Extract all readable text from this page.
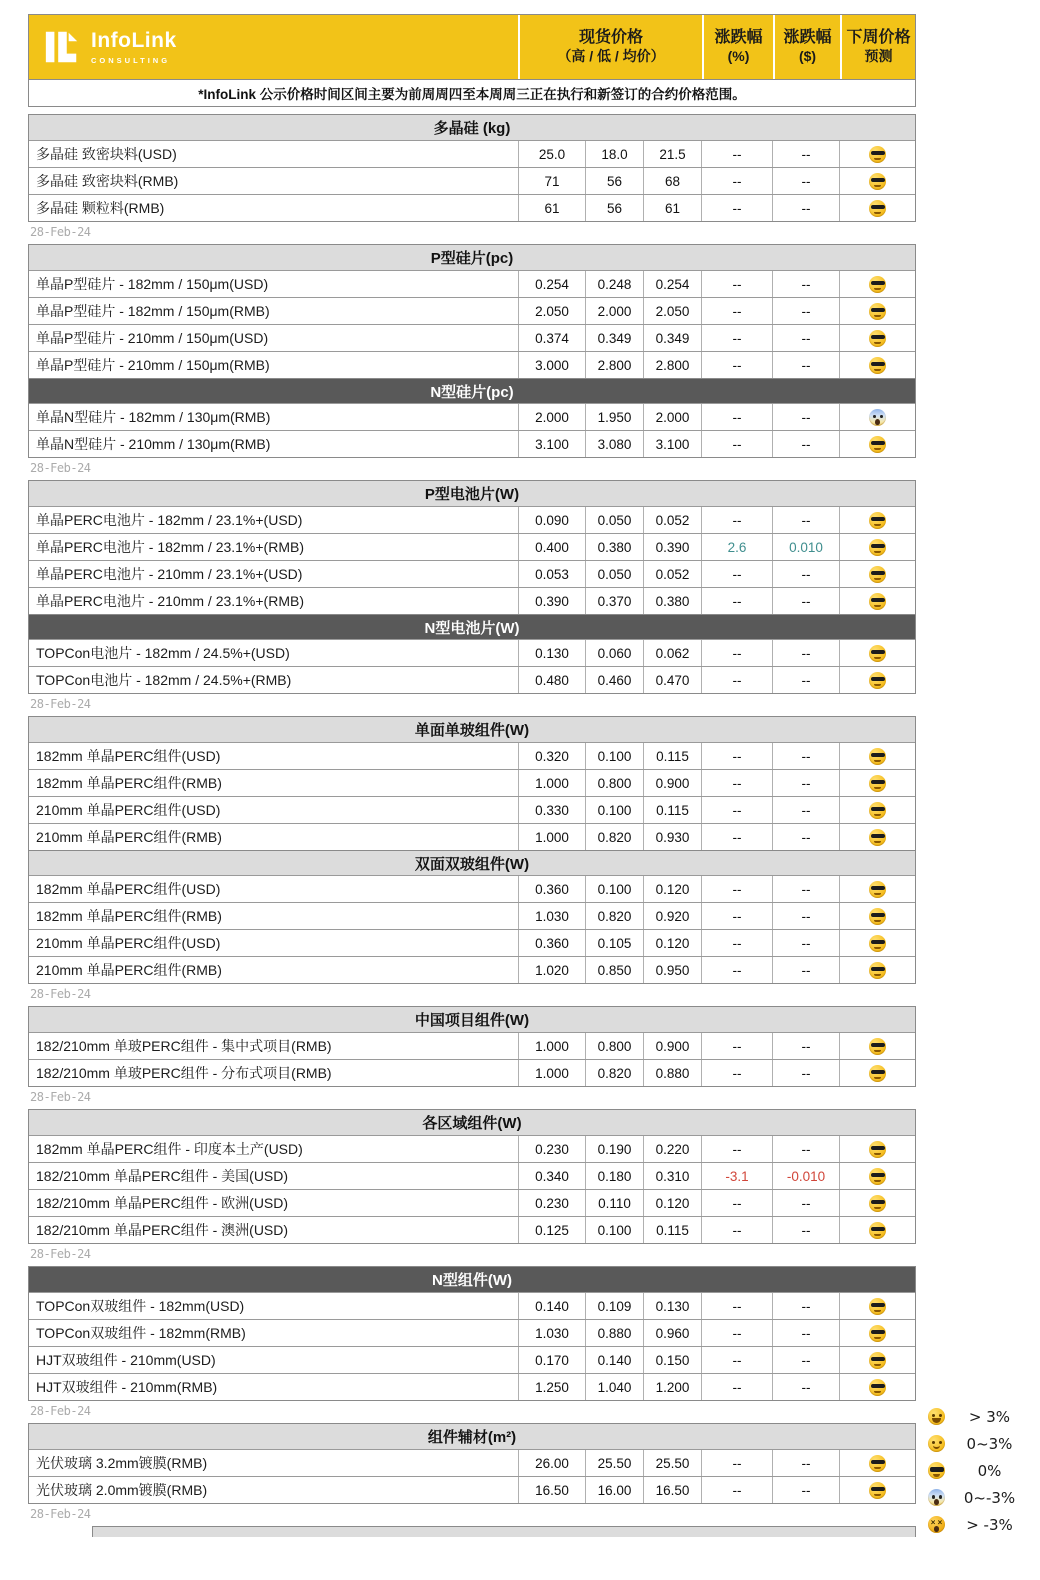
InfoLink
CONSULTING
现货价格
（高 / 低 / 均价）
涨跌幅
(%)
涨跌幅
($)
下周价格
预测
*InfoLink 公示价格时间区间主要为前周周四至本周周三正在执行和新签订的合约价格范围。
多晶硅 (kg)
多晶硅 致密块料(USD)	25.0	18.0	21.5	--	--
多晶硅 致密块料(RMB)	71	56	68	--	--
多晶硅 颗粒料(RMB)	61	56	61	--	--
28-Feb-24
P型硅片(pc)
单晶P型硅片 - 182mm / 150μm(USD)	0.254	0.248	0.254	--	--
单晶P型硅片 - 182mm / 150μm(RMB)	2.050	2.000	2.050	--	--
单晶P型硅片 - 210mm / 150μm(USD)	0.374	0.349	0.349	--	--
单晶P型硅片 - 210mm / 150μm(RMB)	3.000	2.800	2.800	--	--
N型硅片(pc)
单晶N型硅片 - 182mm / 130μm(RMB)	2.000	1.950	2.000	--	--
单晶N型硅片 - 210mm / 130μm(RMB)	3.100	3.080	3.100	--	--
28-Feb-24
P型电池片(W)
单晶PERC电池片 - 182mm / 23.1%+(USD)	0.090	0.050	0.052	--	--
单晶PERC电池片 - 182mm / 23.1%+(RMB)	0.400	0.380	0.390	2.6	0.010
单晶PERC电池片 - 210mm / 23.1%+(USD)	0.053	0.050	0.052	--	--
单晶PERC电池片 - 210mm / 23.1%+(RMB)	0.390	0.370	0.380	--	--
N型电池片(W)
TOPCon电池片 - 182mm / 24.5%+(USD)	0.130	0.060	0.062	--	--
TOPCon电池片 - 182mm / 24.5%+(RMB)	0.480	0.460	0.470	--	--
28-Feb-24
单面单玻组件(W)
182mm 单晶PERC组件(USD)	0.320	0.100	0.115	--	--
182mm 单晶PERC组件(RMB)	1.000	0.800	0.900	--	--
210mm 单晶PERC组件(USD)	0.330	0.100	0.115	--	--
210mm 单晶PERC组件(RMB)	1.000	0.820	0.930	--	--
双面双玻组件(W)
182mm 单晶PERC组件(USD)	0.360	0.100	0.120	--	--
182mm 单晶PERC组件(RMB)	1.030	0.820	0.920	--	--
210mm 单晶PERC组件(USD)	0.360	0.105	0.120	--	--
210mm 单晶PERC组件(RMB)	1.020	0.850	0.950	--	--
28-Feb-24
中国项目组件(W)
182/210mm 单玻PERC组件 - 集中式项目(RMB)	1.000	0.800	0.900	--	--
182/210mm 单玻PERC组件 - 分布式项目(RMB)	1.000	0.820	0.880	--	--
28-Feb-24
各区域组件(W)
182mm 单晶PERC组件 - 印度本土产(USD)	0.230	0.190	0.220	--	--
182/210mm 单晶PERC组件 - 美国(USD)	0.340	0.180	0.310	-3.1	-0.010
182/210mm 单晶PERC组件 - 欧洲(USD)	0.230	0.110	0.120	--	--
182/210mm 单晶PERC组件 - 澳洲(USD)	0.125	0.100	0.115	--	--
28-Feb-24
N型组件(W)
TOPCon双玻组件 - 182mm(USD)	0.140	0.109	0.130	--	--
TOPCon双玻组件 - 182mm(RMB)	1.030	0.880	0.960	--	--
HJT双玻组件 - 210mm(USD)	0.170	0.140	0.150	--	--
HJT双玻组件 - 210mm(RMB)	1.250	1.040	1.200	--	--
28-Feb-24
组件辅材(m²)
光伏玻璃 3.2mm镀膜(RMB)	26.00	25.50	25.50	--	--
光伏玻璃 2.0mm镀膜(RMB)	16.50	16.00	16.50	--	--
28-Feb-24
> 3%
0~3%
0%
0~-3%
× ×
> -3%
